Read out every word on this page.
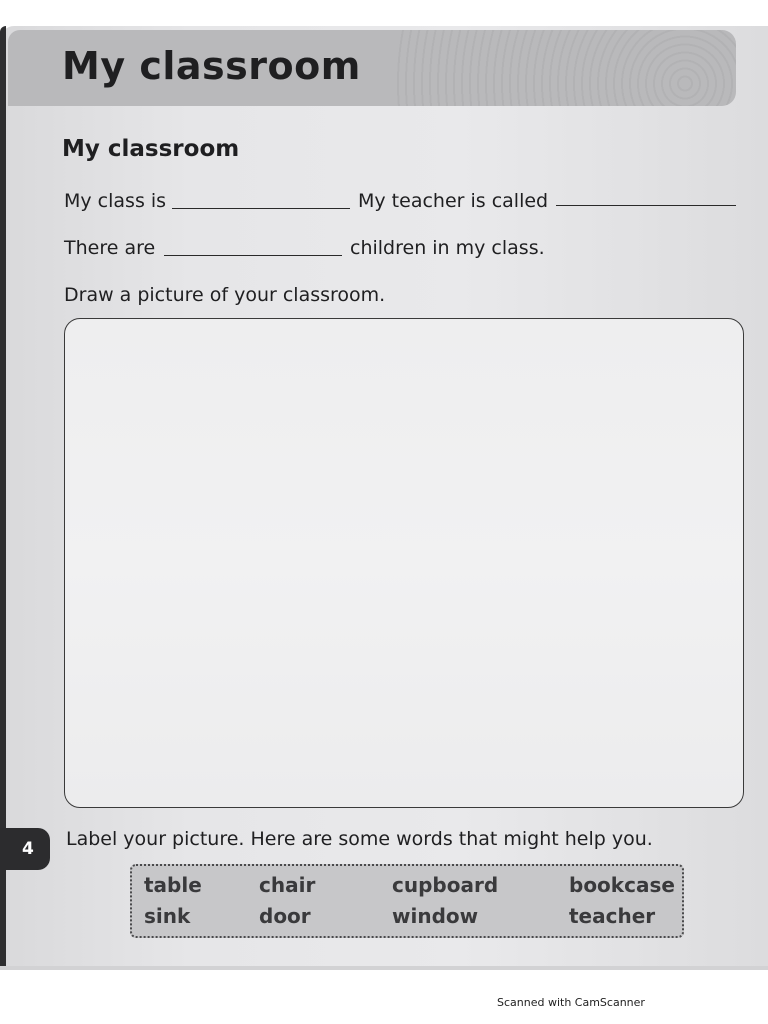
My classroom
My classroom
My class is	My teacher is called
There are	children in my class.
Draw a picture of your classroom.
4 Label your picture. Here are some words that might help you.
table	chair	cupboard	bookcase
sink	door	window	teacher
Scanned with CamScanner
